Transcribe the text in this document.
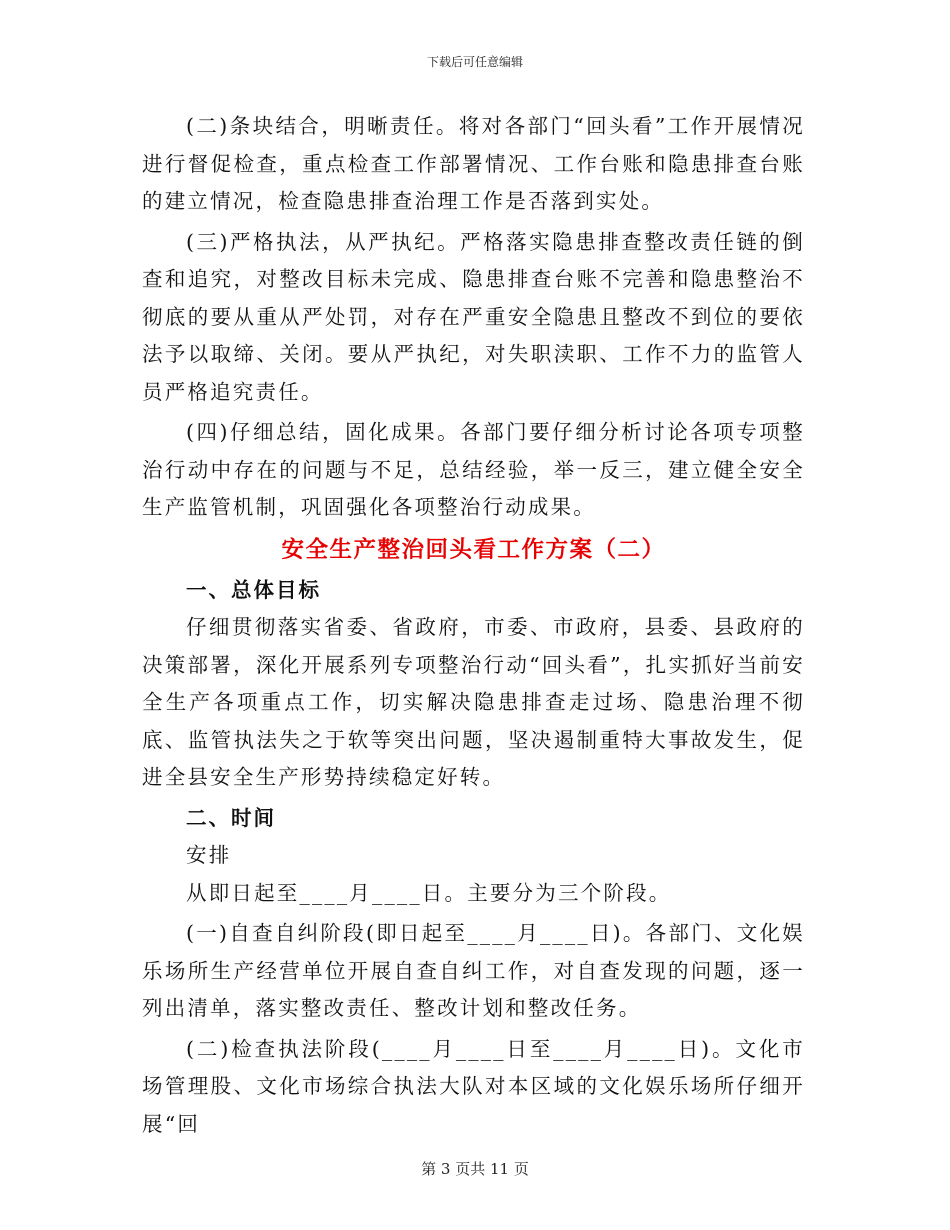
下载后可任意编辑

(二)条块结合，明晰责任。将对各部门“回头看”工作开展情况进行督促检查，重点检查工作部署情况、工作台账和隐患排查台账的建立情况，检查隐患排查治理工作是否落到实处。

(三)严格执法，从严执纪。严格落实隐患排查整改责任链的倒查和追究，对整改目标未完成、隐患排查台账不完善和隐患整治不彻底的要从重从严处罚，对存在严重安全隐患且整改不到位的要依法予以取缔、关闭。要从严执纪，对失职渎职、工作不力的监管人员严格追究责任。

(四)仔细总结，固化成果。各部门要仔细分析讨论各项专项整治行动中存在的问题与不足，总结经验，举一反三，建立健全安全生产监管机制，巩固强化各项整治行动成果。

安全生产整治回头看工作方案（二）

一、总体目标

仔细贯彻落实省委、省政府，市委、市政府，县委、县政府的决策部署，深化开展系列专项整治行动“回头看”，扎实抓好当前安全生产各项重点工作，切实解决隐患排查走过场、隐患治理不彻底、监管执法失之于软等突出问题，坚决遏制重特大事故发生，促进全县安全生产形势持续稳定好转。

二、时间

安排

从即日起至____月____日。主要分为三个阶段。

(一)自查自纠阶段(即日起至____月____日)。各部门、文化娱乐场所生产经营单位开展自查自纠工作，对自查发现的问题，逐一列出清单，落实整改责任、整改计划和整改任务。

(二)检查执法阶段(____月____日至____月____日)。文化市场管理股、文化市场综合执法大队对本区域的文化娱乐场所仔细开展“回

第 3 页共 11 页
